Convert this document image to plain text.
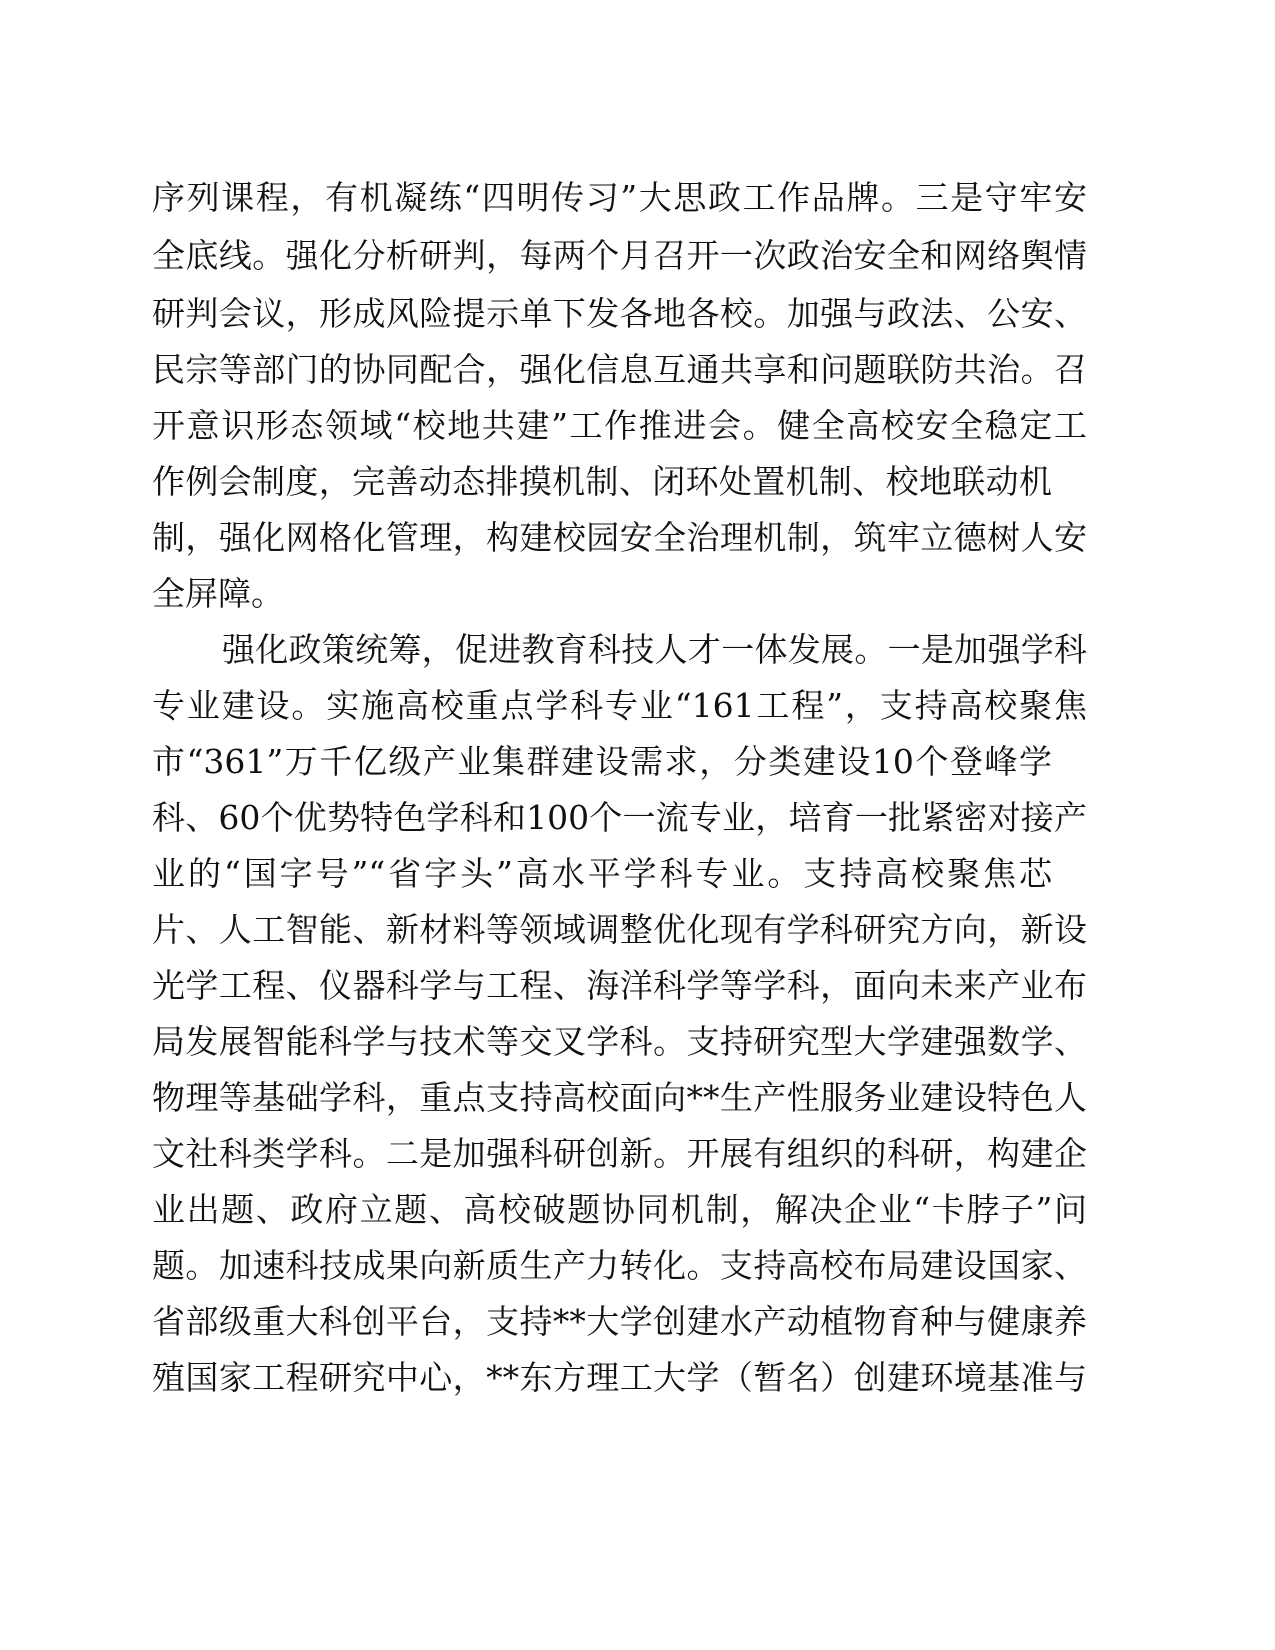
序列课程，有机凝练“四明传习”大思政工作品牌。三是守牢安
全底线。强化分析研判，每两个月召开一次政治安全和网络舆情
研判会议，形成风险提示单下发各地各校。加强与政法、公安、
民宗等部门的协同配合，强化信息互通共享和问题联防共治。召
开意识形态领域“校地共建”工作推进会。健全高校安全稳定工
作例会制度，完善动态排摸机制、闭环处置机制、校地联动机
制，强化网格化管理，构建校园安全治理机制，筑牢立德树人安
全屏障。
强化政策统筹，促进教育科技人才一体发展。一是加强学科
专业建设。实施高校重点学科专业“161工程”，支持高校聚焦
市“361”万千亿级产业集群建设需求，分类建设10个登峰学
科、60个优势特色学科和100个一流专业，培育一批紧密对接产
业的“国字号”“省字头”高水平学科专业。支持高校聚焦芯
片、人工智能、新材料等领域调整优化现有学科研究方向，新设
光学工程、仪器科学与工程、海洋科学等学科，面向未来产业布
局发展智能科学与技术等交叉学科。支持研究型大学建强数学、
物理等基础学科，重点支持高校面向**生产性服务业建设特色人
文社科类学科。二是加强科研创新。开展有组织的科研，构建企
业出题、政府立题、高校破题协同机制，解决企业“卡脖子”问
题。加速科技成果向新质生产力转化。支持高校布局建设国家、
省部级重大科创平台，支持**大学创建水产动植物育种与健康养
殖国家工程研究中心，**东方理工大学（暂名）创建环境基准与
